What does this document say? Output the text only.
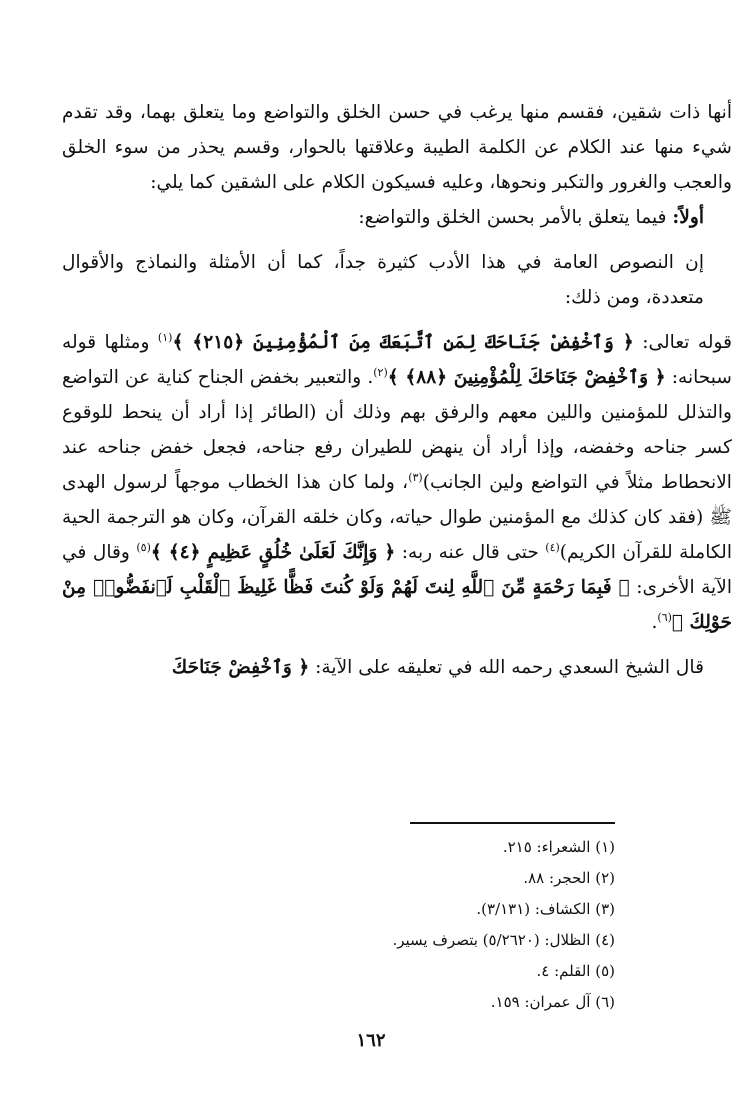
أنها ذات شقين، فقسم منها يرغب في حسن الخلق والتواضع وما يتعلق بهما، وقد تقدم شيء منها عند الكلام عن الكلمة الطيبة وعلاقتها بالحوار، وقسم يحذر من سوء الخلق والعجب والغرور والتكبر ونحوها، وعليه فسيكون الكلام على الشقين كما يلي:

أولاً: فيما يتعلق بالأمر بحسن الخلق والتواضع:

إن النصوص العامة في هذا الأدب كثيرة جداً، كما أن الأمثلة والنماذج والأقوال متعددة، ومن ذلك:

قوله تعالى: ﴿ وَٱخْفِضْ جَنَاحَكَ لِمَنِ ٱتَّبَعَكَ مِنَ ٱلْمُؤْمِنِينَ ﴿٢١٥﴾ ﴾$^{(١)}$ ومثلها قوله سبحانه: ﴿ وَٱخْفِضْ جَنَاحَكَ لِلْمُؤْمِنِينَ ﴿٨٨﴾ ﴾$^{(٢)}$. والتعبير بخفض الجناح كناية عن التواضع والتذلل للمؤمنين واللين معهم والرفق بهم وذلك أن (الطائر إذا أراد أن ينحط للوقوع كسر جناحه وخفضه، وإذا أراد أن ينهض للطيران رفع جناحه، فجعل خفض جناحه عند الانحطاط مثلاً في التواضع ولين الجانب)$^{(٣)}$، ولما كان هذا الخطاب موجهاً لرسول الهدى ﷺ (فقد كان كذلك مع المؤمنين طوال حياته، وكان خلقه القرآن، وكان هو الترجمة الحية الكاملة للقرآن الكريم)$^{(٤)}$ حتى قال عنه ربه: ﴿ وَإِنَّكَ لَعَلَىٰ خُلُقٍ عَظِيمٍ ﴿٤﴾ ﴾$^{(٥)}$ وقال في الآية الأخرى: ﴿ فَبِمَا رَحْمَةٍ مِّنَ ٱللَّهِ لِنتَ لَهُمْ وَلَوْ كُنتَ فَظًّا غَلِيظَ ٱلْقَلْبِ لَٱنفَضُّوا۟ مِنْ حَوْلِكَ ﴾$^{(٦)}$.

قال الشيخ السعدي رحمه الله في تعليقه على الآية: ﴿ وَٱخْفِضْ جَنَاحَكَ

(١) الشعراء: ٢١٥.
(٢) الحجر: ٨٨.
(٣) الكشاف: (٣/١٣١).
(٤) الظلال: (٥/٢٦٢٠) بتصرف يسير.
(٥) القلم: ٤.
(٦) آل عمران: ١٥٩.
١٦٢
